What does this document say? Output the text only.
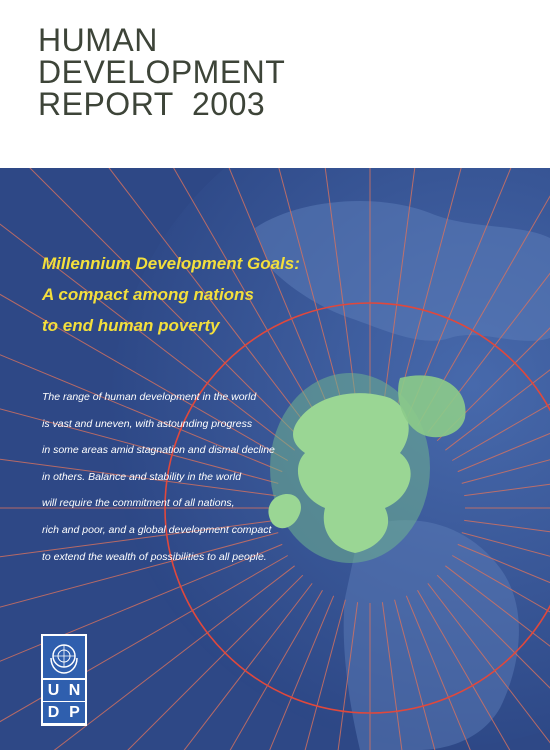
HUMAN
DEVELOPMENT
REPORT  2003
Millennium Development Goals:
A compact among nations
to end human poverty
The range of human development in the world
is vast and uneven, with astounding progress
in some areas amid stagnation and dismal decline
in others. Balance and stability in the world
will require the commitment of all nations,
rich and poor, and a global development compact
to extend the wealth of possibilities to all people.
U N
D P
